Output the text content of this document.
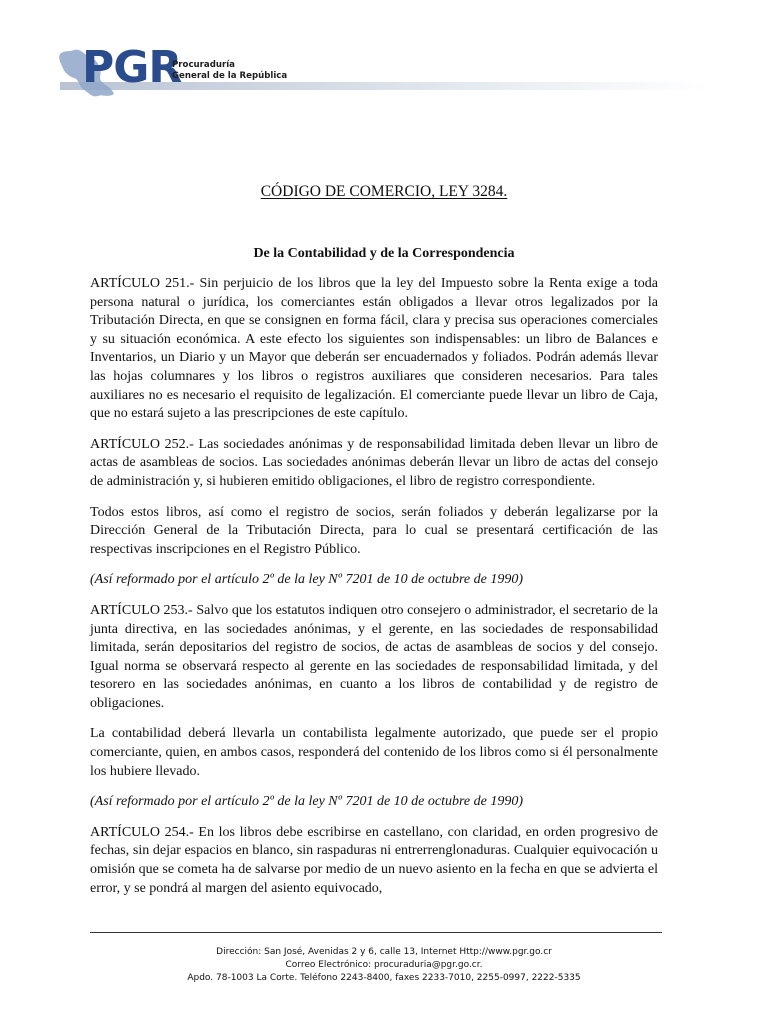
PGR
Procuraduría
General de la República
CÓDIGO DE COMERCIO, LEY 3284.
De la Contabilidad y de la Correspondencia

ARTÍCULO 251.- Sin perjuicio de los libros que la ley del Impuesto sobre la Renta exige a toda persona natural o jurídica, los comerciantes están obligados a llevar otros legalizados por la Tributación Directa, en que se consignen en forma fácil, clara y precisa sus operaciones comerciales y su situación económica. A este efecto los siguientes son indispensables: un libro de Balances e Inventarios, un Diario y un Mayor que deberán ser encuadernados y foliados. Podrán además llevar las hojas columnares y los libros o registros auxiliares que consideren necesarios. Para tales auxiliares no es necesario el requisito de legalización. El comerciante puede llevar un libro de Caja, que no estará sujeto a las prescripciones de este capítulo.

ARTÍCULO 252.- Las sociedades anónimas y de responsabilidad limitada deben llevar un libro de actas de asambleas de socios. Las sociedades anónimas deberán llevar un libro de actas del consejo de administración y, si hubieren emitido obligaciones, el libro de registro correspondiente.

Todos estos libros, así como el registro de socios, serán foliados y deberán legalizarse por la Dirección General de la Tributación Directa, para lo cual se presentará certificación de las respectivas inscripciones en el Registro Público.

(Así reformado por el artículo 2º de la ley Nº 7201 de 10 de octubre de 1990)

ARTÍCULO 253.- Salvo que los estatutos indiquen otro consejero o administrador, el secretario de la junta directiva, en las sociedades anónimas, y el gerente, en las sociedades de responsabilidad limitada, serán depositarios del registro de socios, de actas de asambleas de socios y del consejo. Igual norma se observará respecto al gerente en las sociedades de responsabilidad limitada, y del tesorero en las sociedades anónimas, en cuanto a los libros de contabilidad y de registro de obligaciones.

La contabilidad deberá llevarla un contabilista legalmente autorizado, que puede ser el propio comerciante, quien, en ambos casos, responderá del contenido de los libros como si él personalmente los hubiere llevado.

(Así reformado por el artículo 2º de la ley Nº 7201 de 10 de octubre de 1990)

ARTÍCULO 254.- En los libros debe escribirse en castellano, con claridad, en orden progresivo de fechas, sin dejar espacios en blanco, sin raspaduras ni entrerrenglonaduras. Cualquier equivocación u omisión que se cometa ha de salvarse por medio de un nuevo asiento en la fecha en que se advierta el error, y se pondrá al margen del asiento equivocado,

Dirección: San José, Avenidas 2 y 6, calle 13, Internet Http://www.pgr.go.cr
Correo Electrónico: procuraduria@pgr.go.cr.
Apdo. 78-1003 La Corte. Teléfono 2243-8400, faxes 2233-7010, 2255-0997, 2222-5335
